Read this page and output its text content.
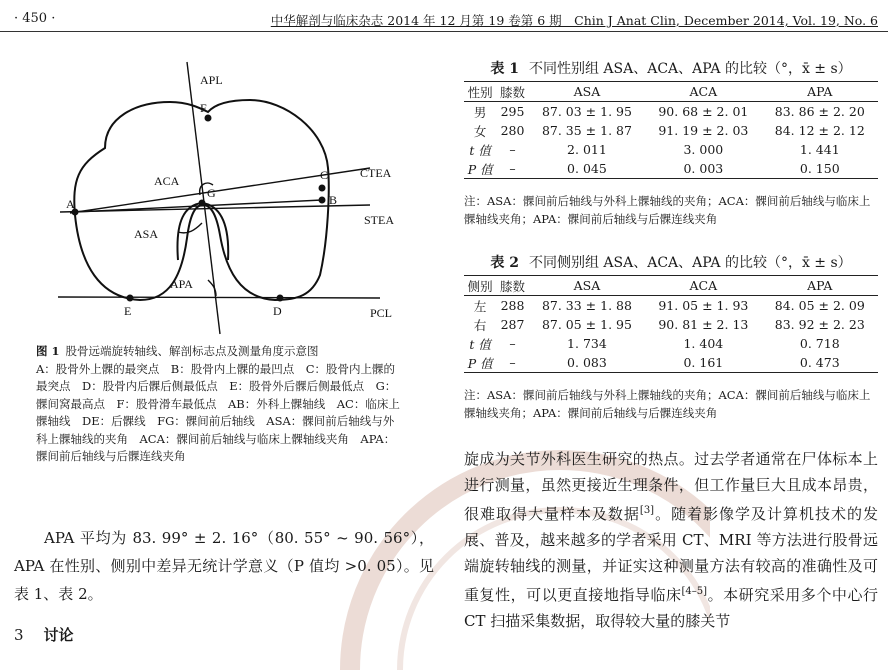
· 450 ·	中华解剖与临床杂志 2014 年 12 月第 19 卷第 6 期　Chin J Anat Clin, December 2014, Vol. 19, No. 6
A	B
C
D
E
F
G
APL
CTEA
STEA
PCL
ACA
ASA
APA
图 1 股骨远端旋转轴线、解剖标志点及测量角度示意图
A：股骨外上髁的最突点　B：股骨内上髁的最凹点　C：股骨内上髁的最突点　D：股骨内后髁后侧最低点　E：股骨外后髁后侧最低点　G：髁间窝最高点　F：股骨滑车最低点　AB：外科上髁轴线　AC：临床上髁轴线　DE：后髁线　FG：髁间前后轴线　ASA：髁间前后轴线与外科上髁轴线的夹角　ACA：髁间前后轴线与临床上髁轴线夹角　APA：髁间前后轴线与后髁连线夹角

APA 平均为 83. 99° ± 2. 16°（80. 55° ~ 90. 56°），APA 在性别、侧别中差异无统计学意义（P 值均 >0. 05）。见表 1、表 2。

3 讨论
表 1 不同性别组 ASA、ACA、APA 的比较（°，x̄ ± s）
性别	膝数	ASA	ACA	APA
男	295	87. 03 ± 1. 95	90. 68 ± 2. 01	83. 86 ± 2. 20
女	280	87. 35 ± 1. 87	91. 19 ± 2. 03	84. 12 ± 2. 12
t 值	–	2. 011	3. 000	1. 441
P 值	–	0. 045	0. 003	0. 150
注：ASA：髁间前后轴线与外科上髁轴线的夹角；ACA：髁间前后轴线与临床上髁轴线夹角；APA：髁间前后轴线与后髁连线夹角
表 2 不同侧别组 ASA、ACA、APA 的比较（°，x̄ ± s）
侧别	膝数	ASA	ACA	APA
左	288	87. 33 ± 1. 88	91. 05 ± 1. 93	84. 05 ± 2. 09
右	287	87. 05 ± 1. 95	90. 81 ± 2. 13	83. 92 ± 2. 23
t 值	–	1. 734	1. 404	0. 718
P 值	–	0. 083	0. 161	0. 473
注：ASA：髁间前后轴线与外科上髁轴线的夹角；ACA：髁间前后轴线与临床上髁轴线夹角；APA：髁间前后轴线与后髁连线夹角
旋成为关节外科医生研究的热点。过去学者通常在尸体标本上进行测量，虽然更接近生理条件，但工作量巨大且成本昂贵，很难取得大量样本及数据[3]。随着影像学及计算机技术的发展、普及，越来越多的学者采用 CT、MRI 等方法进行股骨远端旋转轴线的测量，并证实这种测量方法有较高的准确性及可重复性，可以更直接地指导临床[4–5]。本研究采用多个中心行 CT 扫描采集数据，取得较大量的膝关节
